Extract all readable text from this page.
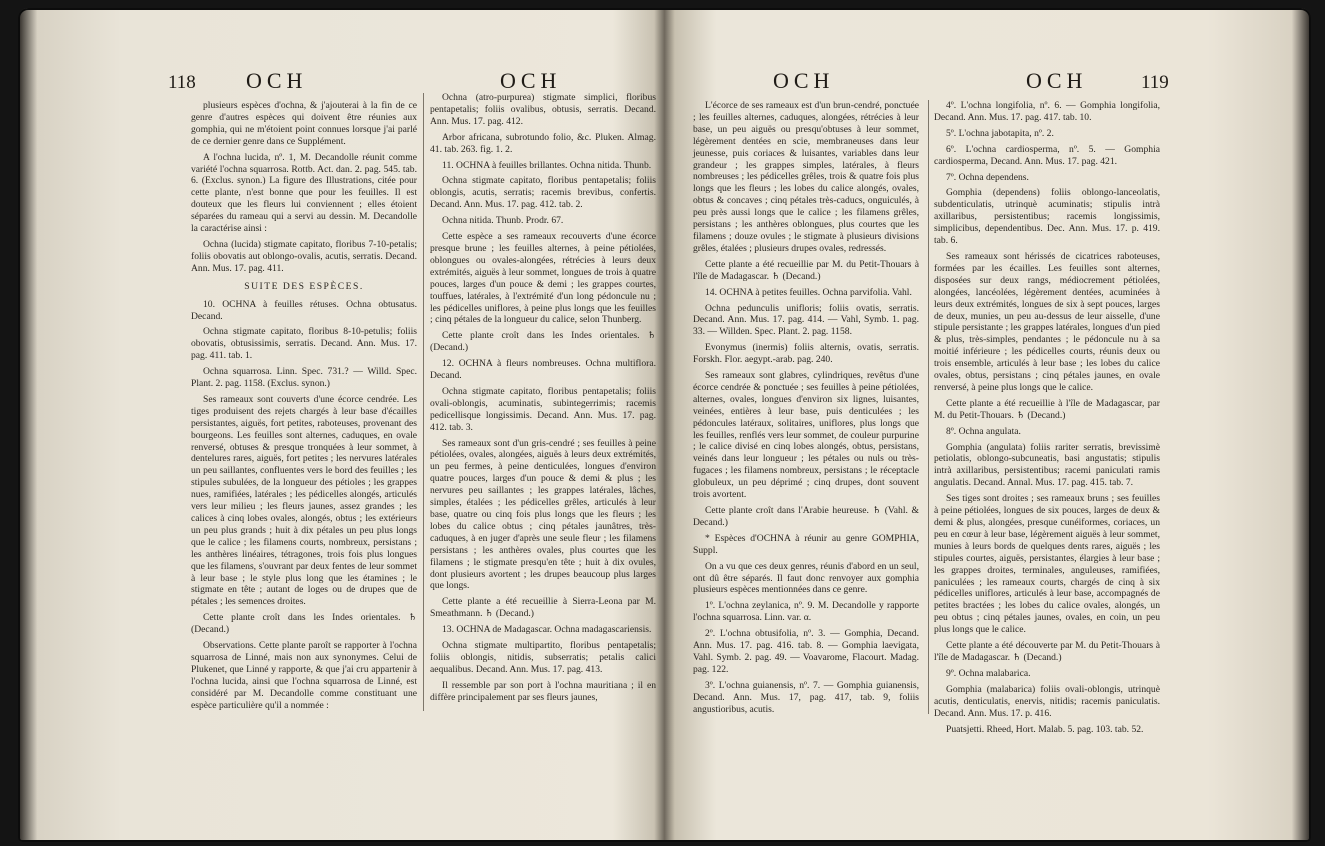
118 OCH	OCH

plusieurs espèces d'ochna, & j'ajouterai à la fin de ce genre d'autres espèces qui doivent être réunies aux gomphia, qui ne m'étoient point connues lorsque j'ai parlé de ce dernier genre dans ce Supplément.

A l'ochna lucida, nº. 1, M. Decandolle réunit comme variété l'ochna squarrosa. Rottb. Act. dan. 2. pag. 545. tab. 6. (Exclus. synon.) La figure des Illustrations, citée pour cette plante, n'est bonne que pour les feuilles. Il est douteux que les fleurs lui conviennent ; elles étoient séparées du rameau qui a servi au dessin. M. Decandolle la caractérise ainsi :

Ochna (lucida) stigmate capitato, floribus 7-10-petalis; foliis obovatis aut oblongo-ovalis, acutis, serratis. Decand. Ann. Mus. 17. pag. 411.

SUITE DES ESPÈCES.

10. OCHNA à feuilles rétuses. Ochna obtusatus. Decand.

Ochna stigmate capitato, floribus 8-10-petulis; foliis obovatis, obtusissimis, serratis. Decand. Ann. Mus. 17. pag. 411. tab. 1.

Ochna squarrosa. Linn. Spec. 731.? — Willd. Spec. Plant. 2. pag. 1158. (Exclus. synon.)

Ses rameaux sont couverts d'une écorce cendrée. Les tiges produisent des rejets chargés à leur base d'écailles persistantes, aiguës, fort petites, raboteuses, provenant des bourgeons. Les feuilles sont alternes, caduques, en ovale renversé, obtuses & presque tronquées à leur sommet, à dentelures rares, aiguës, fort petites ; les nervures latérales un peu saillantes, confluentes vers le bord des feuilles ; les stipules subulées, de la longueur des pétioles ; les grappes nues, ramifiées, latérales ; les pédicelles alongés, articulés vers leur milieu ; les fleurs jaunes, assez grandes ; les calices à cinq lobes ovales, alongés, obtus ; les extérieurs un peu plus grands ; huit à dix pétales un peu plus longs que le calice ; les filamens courts, nombreux, persistans ; les anthères linéaires, tétragones, trois fois plus longues que les filamens, s'ouvrant par deux fentes de leur sommet à leur base ; le style plus long que les étamines ; le stigmate en tête ; autant de loges ou de drupes que de pétales ; les semences droites.

Cette plante croît dans les Indes orientales. ♄ (Decand.)

Observations. Cette plante paroît se rapporter à l'ochna squarrosa de Linné, mais non aux synonymes. Celui de Plukenet, que Linné y rapporte, & que j'ai cru appartenir à l'ochna lucida, ainsi que l'ochna squarrosa de Linné, est considéré par M. Decandolle comme constituant une espèce particulière qu'il a nommée :

Ochna (atro-purpurea) stigmate simplici, floribus pentapetalis; foliis ovalibus, obtusis, serratis. Decand. Ann. Mus. 17. pag. 412.

Arbor africana, subrotundo folio, &c. Pluken. Almag. 41. tab. 263. fig. 1. 2.

11. OCHNA à feuilles brillantes. Ochna nitida. Thunb.

Ochna stigmate capitato, floribus pentapetalis; foliis oblongis, acutis, serratis; racemis brevibus, confertis. Decand. Ann. Mus. 17. pag. 412. tab. 2.

Ochna nitida. Thunb. Prodr. 67.

Cette espèce a ses rameaux recouverts d'une écorce presque brune ; les feuilles alternes, à peine pétiolées, oblongues ou ovales-alongées, rétrécies à leurs deux extrémités, aiguës à leur sommet, longues de trois à quatre pouces, larges d'un pouce & demi ; les grappes courtes, touffues, latérales, à l'extrémité d'un long pédoncule nu ; les pédicelles uniflores, à peine plus longs que les feuilles ; cinq pétales de la longueur du calice, selon Thunberg.

Cette plante croît dans les Indes orientales. ♄ (Decand.)

12. OCHNA à fleurs nombreuses. Ochna multiflora. Decand.

Ochna stigmate capitato, floribus pentapetalis; foliis ovali-oblongis, acuminatis, subintegerrimis; racemis pedicellisque longissimis. Decand. Ann. Mus. 17. pag. 412. tab. 3.

Ses rameaux sont d'un gris-cendré ; ses feuilles à peine pétiolées, ovales, alongées, aiguës à leurs deux extrémités, un peu fermes, à peine denticulées, longues d'environ quatre pouces, larges d'un pouce & demi & plus ; les nervures peu saillantes ; les grappes latérales, lâches, simples, étalées ; les pédicelles grêles, articulés à leur base, quatre ou cinq fois plus longs que les fleurs ; les lobes du calice obtus ; cinq pétales jaunâtres, très-caduques, à en juger d'après une seule fleur ; les filamens persistans ; les anthères ovales, plus courtes que les filamens ; le stigmate presqu'en tête ; huit à dix ovules, dont plusieurs avortent ; les drupes beaucoup plus larges que longs.

Cette plante a été recueillie à Sierra-Leona par M. Smeathmann. ♄ (Decand.)

13. OCHNA de Madagascar. Ochna madagascariensis.

Ochna stigmate multipartito, floribus pentapetalis; foliis oblongis, nitidis, subserratis; petalis calici aequalibus. Decand. Ann. Mus. 17. pag. 413.

Il ressemble par son port à l'ochna mauritiana ; il en diffère principalement par ses fleurs jaunes,

OCH	OCH	119

L'écorce de ses rameaux est d'un brun-cendré, ponctuée ; les feuilles alternes, caduques, alongées, rétrécies à leur base, un peu aiguës ou presqu'obtuses à leur sommet, légèrement dentées en scie, membraneuses dans leur jeunesse, puis coriaces & luisantes, variables dans leur grandeur ; les grappes simples, latérales, à fleurs nombreuses ; les pédicelles grêles, trois & quatre fois plus longs que les fleurs ; les lobes du calice alongés, ovales, obtus & concaves ; cinq pétales très-caducs, onguiculés, à peu près aussi longs que le calice ; les filamens grêles, persistans ; les anthères oblongues, plus courtes que les filamens ; douze ovules ; le stigmate à plusieurs divisions grêles, étalées ; plusieurs drupes ovales, redressés.

Cette plante a été recueillie par M. du Petit-Thouars à l'île de Madagascar. ♄ (Decand.)

14. OCHNA à petites feuilles. Ochna parvifolia. Vahl.

Ochna pedunculis unifloris; foliis ovatis, serratis. Decand. Ann. Mus. 17. pag. 414. — Vahl, Symb. 1. pag. 33. — Willden. Spec. Plant. 2. pag. 1158.

Evonymus (inermis) foliis alternis, ovatis, serratis. Forskh. Flor. aegypt.-arab. pag. 240.

Ses rameaux sont glabres, cylindriques, revêtus d'une écorce cendrée & ponctuée ; ses feuilles à peine pétiolées, alternes, ovales, longues d'environ six lignes, luisantes, veinées, entières à leur base, puis denticulées ; les pédoncules latéraux, solitaires, uniflores, plus longs que les feuilles, renflés vers leur sommet, de couleur purpurine ; le calice divisé en cinq lobes alongés, obtus, persistans, veinés dans leur longueur ; les pétales ou nuls ou très-fugaces ; les filamens nombreux, persistans ; le réceptacle globuleux, un peu déprimé ; cinq drupes, dont souvent trois avortent.

Cette plante croît dans l'Arabie heureuse. ♄ (Vahl. & Decand.)

* Espèces d'OCHNA à réunir au genre GOMPHIA, Suppl.

On a vu que ces deux genres, réunis d'abord en un seul, ont dû être séparés. Il faut donc renvoyer aux gomphia plusieurs espèces mentionnées dans ce genre.

1º. L'ochna zeylanica, nº. 9. M. Decandolle y rapporte l'ochna squarrosa. Linn. var. α.

2º. L'ochna obtusifolia, nº. 3. — Gomphia, Decand. Ann. Mus. 17. pag. 416. tab. 8. — Gomphia laevigata, Vahl. Symb. 2. pag. 49. — Voavarome, Flacourt. Madag. pag. 122.

3º. L'ochna guianensis, nº. 7. — Gomphia guianensis, Decand. Ann. Mus. 17, pag. 417, tab. 9, foliis angustioribus, acutis.

4º. L'ochna longifolia, nº. 6. — Gomphia longifolia, Decand. Ann. Mus. 17. pag. 417. tab. 10.

5º. L'ochna jabotapita, nº. 2.

6º. L'ochna cardiosperma, nº. 5. — Gomphia cardiosperma, Decand. Ann. Mus. 17. pag. 421.

7º. Ochna dependens.

Gomphia (dependens) foliis oblongo-lanceolatis, subdenticulatis, utrinquè acuminatis; stipulis intrà axillaribus, persistentibus; racemis longissimis, simplicibus, dependentibus. Dec. Ann. Mus. 17. p. 419. tab. 6.

Ses rameaux sont hérissés de cicatrices raboteuses, formées par les écailles. Les feuilles sont alternes, disposées sur deux rangs, médiocrement pétiolées, alongées, lancéolées, légèrement dentées, acuminées à leurs deux extrémités, longues de six à sept pouces, larges de deux, munies, un peu au-dessus de leur aisselle, d'une stipule persistante ; les grappes latérales, longues d'un pied & plus, très-simples, pendantes ; le pédoncule nu à sa moitié inférieure ; les pédicelles courts, réunis deux ou trois ensemble, articulés à leur base ; les lobes du calice ovales, obtus, persistans ; cinq pétales jaunes, en ovale renversé, à peine plus longs que le calice.

Cette plante a été recueillie à l'île de Madagascar, par M. du Petit-Thouars. ♄ (Decand.)

8º. Ochna angulata.

Gomphia (angulata) foliis rariter serratis, brevissimè petiolatis, oblongo-subcuneatis, basi angustatis; stipulis intrà axillaribus, persistentibus; racemi paniculati ramis angulatis. Decand. Annal. Mus. 17. pag. 415. tab. 7.

Ses tiges sont droites ; ses rameaux bruns ; ses feuilles à peine pétiolées, longues de six pouces, larges de deux & demi & plus, alongées, presque cunéiformes, coriaces, un peu en cœur à leur base, légèrement aiguës à leur sommet, munies à leurs bords de quelques dents rares, aiguës ; les stipules courtes, aiguës, persistantes, élargies à leur base ; les grappes droites, terminales, anguleuses, ramifiées, paniculées ; les rameaux courts, chargés de cinq à six pédicelles uniflores, articulés à leur base, accompagnés de petites bractées ; les lobes du calice ovales, alongés, un peu obtus ; cinq pétales jaunes, ovales, en coin, un peu plus longs que le calice.

Cette plante a été découverte par M. du Petit-Thouars à l'île de Madagascar. ♄ (Decand.)

9º. Ochna malabarica.

Gomphia (malabarica) foliis ovali-oblongis, utrinquè acutis, denticulatis, enervis, nitidis; racemis paniculatis. Decand. Ann. Mus. 17. p. 416.

Puatsjetti. Rheed, Hort. Malab. 5. pag. 103. tab. 52.
